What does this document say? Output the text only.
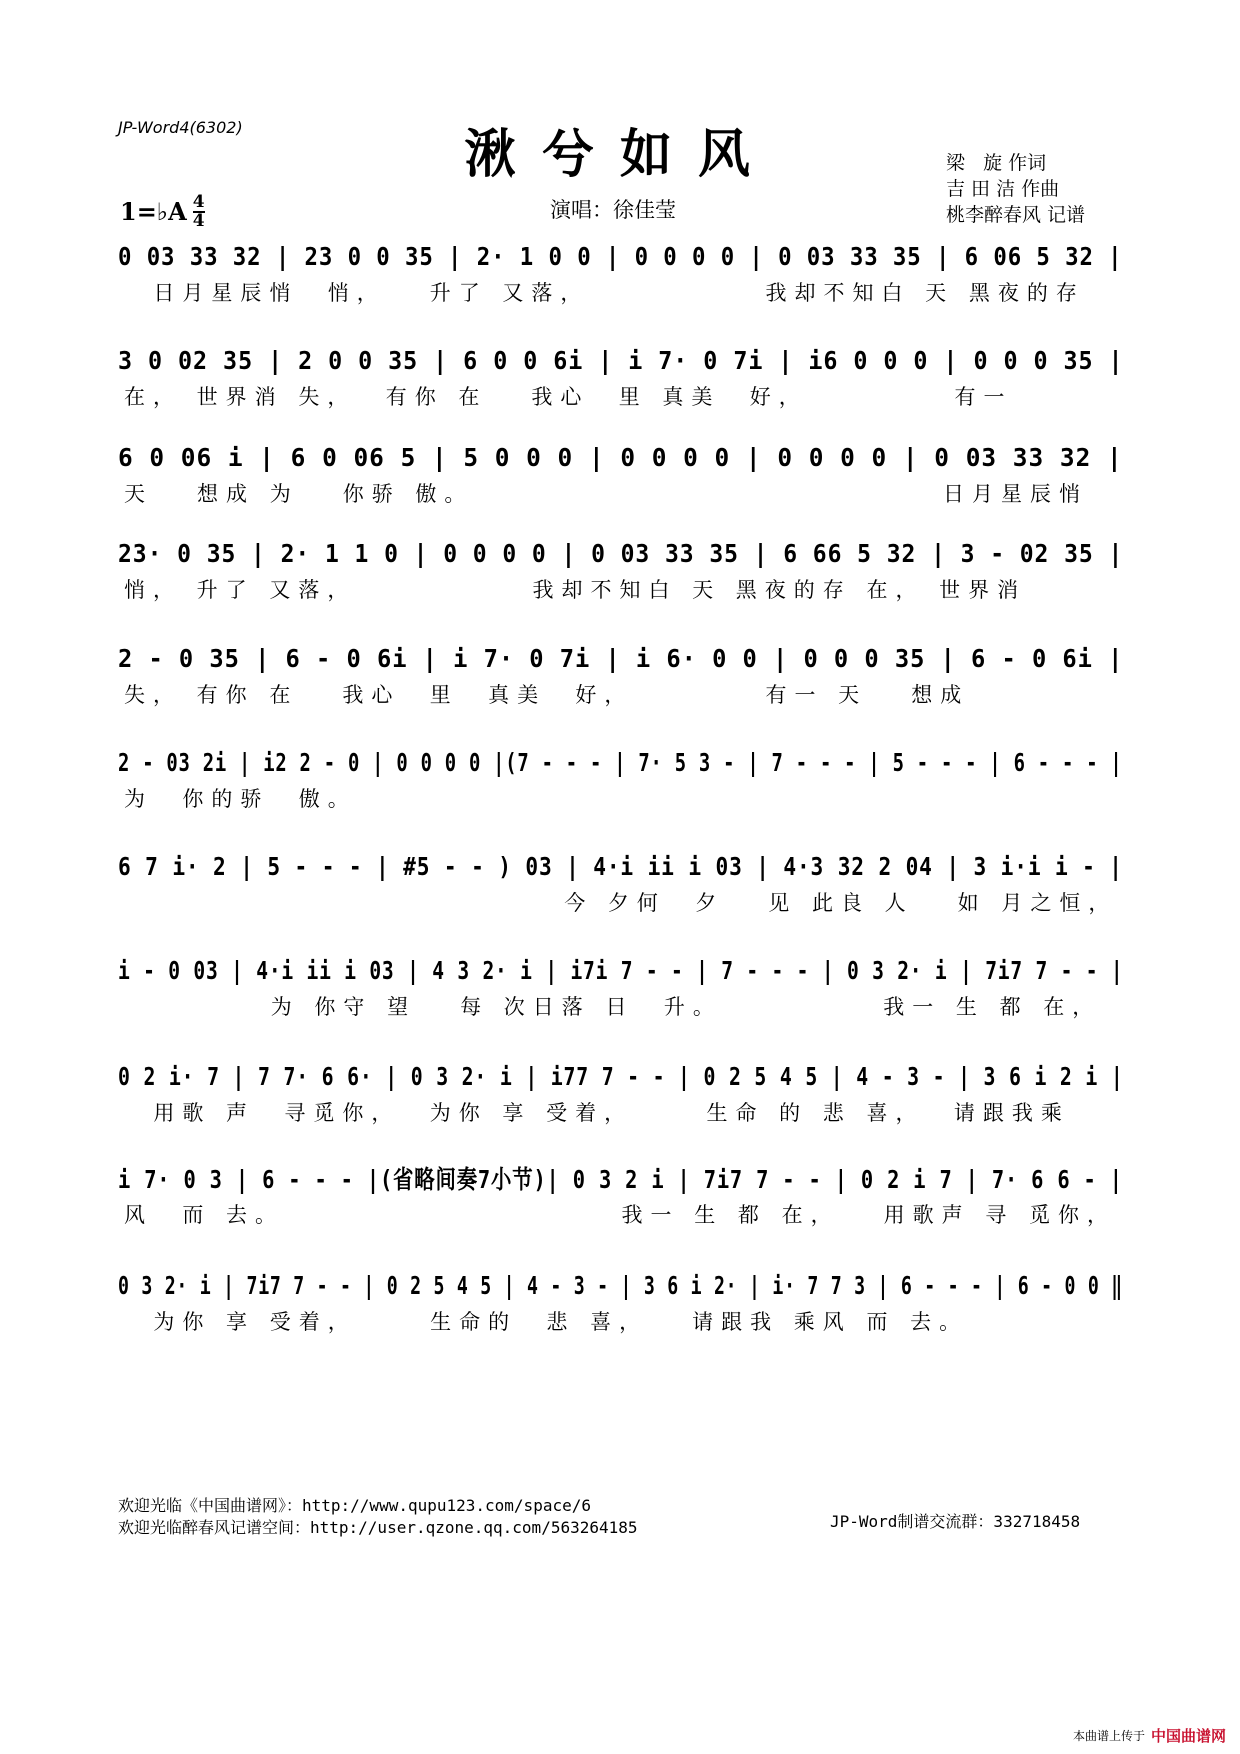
JP-Word4(6302)	湫兮如风	梁   旋 作词
吉 田 洁 作曲
桃李醉春风 记谱
1=♭A 4
4	演唱：徐佳莹
0 03 33 32 | 23 0 0 35 | 2· 1 0 0 | 0 0 0 0 | 0 03 33 35 | 6 06 5 32 |
日月星辰悄  悄，   升了 又落，            我却不知白 天 黑夜的存
3 0 02 35 | 2 0 0 35 | 6 0 0 6i | i 7· 0 7i | i6 0 0 0 | 0 0 0 35 |
在， 世界消 失，  有你 在   我心  里 真美  好，          有一
6 0 06 i | 6 0 06 5 | 5 0 0 0 | 0 0 0 0 | 0 0 0 0 | 0 03 33 32 |
天   想成 为   你骄 傲。                                日月星辰悄
23· 0 35 | 2· 1 1 0 | 0 0 0 0 | 0 03 33 35 | 6 66 5 32 | 3 - 02 35 |
悄， 升了 又落，            我却不知白 天 黑夜的存 在， 世界消
2 - 0 35 | 6 - 0 6i | i 7· 0 7i | i 6· 0 0 | 0 0 0 35 | 6 - 0 6i |
失， 有你 在   我心  里  真美  好，         有一 天   想成
2 - 03 2i | i2 2 - 0 | 0 0 0 0 |(7 - - - | 7· 5 3 - | 7 - - - | 5 - - - | 6 - - - |
为  你的骄  傲。
6 7 i· 2 | 5 - - - | #5 - - ) 03 | 4·i ii i 03 | 4·3 32 2 04 | 3 i·i i - |
今 夕何  夕   见 此良 人   如 月之恒，
i - 0 03 | 4·i ii i 03 | 4 3 2· i | i7i 7 - - | 7 - - - | 0 3 2· i | 7i7 7 - - |
为 你守 望   每 次日落 日  升。           我一 生 都 在，
0 2 i· 7 | 7 7· 6 6· | 0 3 2· i | i77 7 - - | 0 2 5 4 5 | 4 - 3 - | 3 6 i 2 i |
用歌 声  寻觅你，  为你 享 受着，     生命 的 悲 喜，  请跟我乘
i 7· 0 3 | 6 - - - |(省略间奏7小节)| 0 3 2 i | 7i7 7 - - | 0 2 i 7 | 7· 6 6 - |
风  而 去。                       我一 生 都 在，   用歌声 寻 觅你，
0 3 2· i | 7i7 7 - - | 0 2 5 4 5 | 4 - 3 - | 3 6 i 2· | i· 7 7 3 | 6 - - - | 6 - 0 0 ‖
为你 享 受着，     生命的  悲 喜，   请跟我 乘风 而 去。
欢迎光临《中国曲谱网》：http://www.qupu123.com/space/6
欢迎光临醉春风记谱空间：http://user.qzone.qq.com/563264185	JP-Word制谱交流群：332718458
本曲谱上传于 中国曲谱网
